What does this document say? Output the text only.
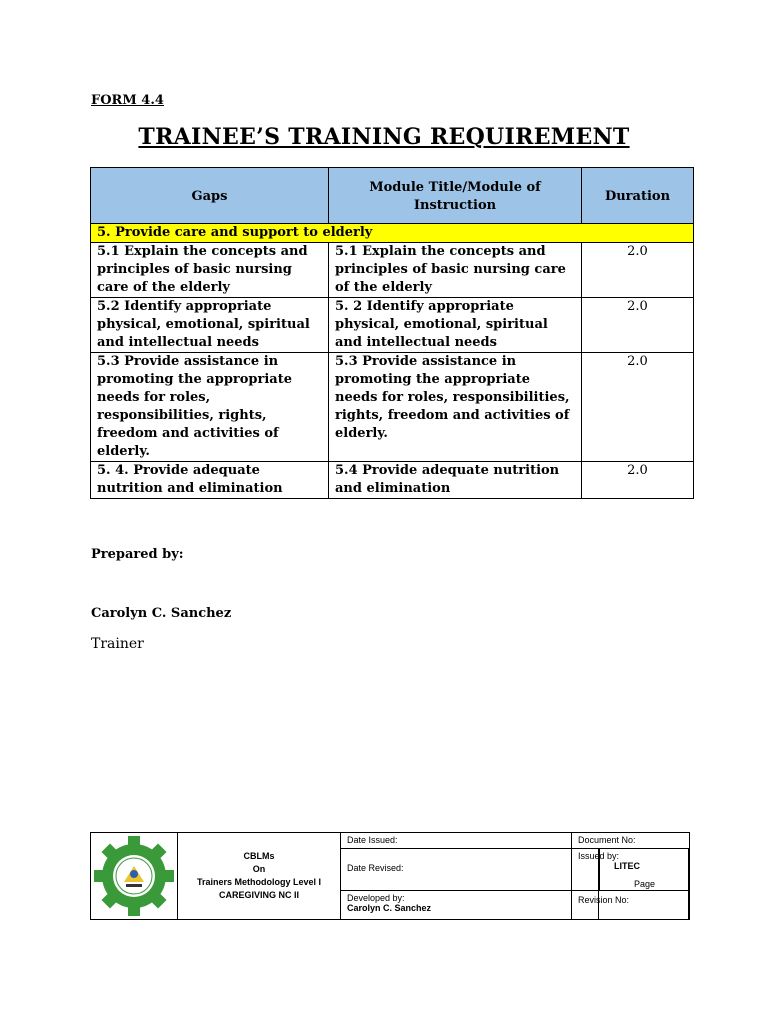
FORM 4.4
TRAINEE’S TRAINING REQUIREMENT
Gaps	Module Title/Module of Instruction	Duration
5. Provide care and support to elderly		
5.1 Explain the concepts and principles of basic nursing care of the elderly	5.1 Explain the concepts and principles of basic nursing care of the elderly	2.0
5.2 Identify appropriate physical, emotional, spiritual and intellectual needs	5. 2 Identify appropriate physical, emotional, spiritual and intellectual needs	2.0
5.3 Provide assistance in promoting the appropriate needs for roles, responsibilities, rights, freedom and activities of elderly.	5.3 Provide assistance in promoting the appropriate needs for roles, responsibilities, rights, freedom and activities of elderly.	2.0
5. 4. Provide adequate nutrition and elimination	5.4 Provide adequate nutrition and elimination	2.0
Prepared by:
Carolyn C. Sanchez
Trainer
CBLMs
On
Trainers Methodology Level I
CAREGIVING NC II
Date Issued:	Document No:
Date Revised:
Issued by:
LITEC
Developed by:
Carolyn C. Sanchez
Revision No:
Page
